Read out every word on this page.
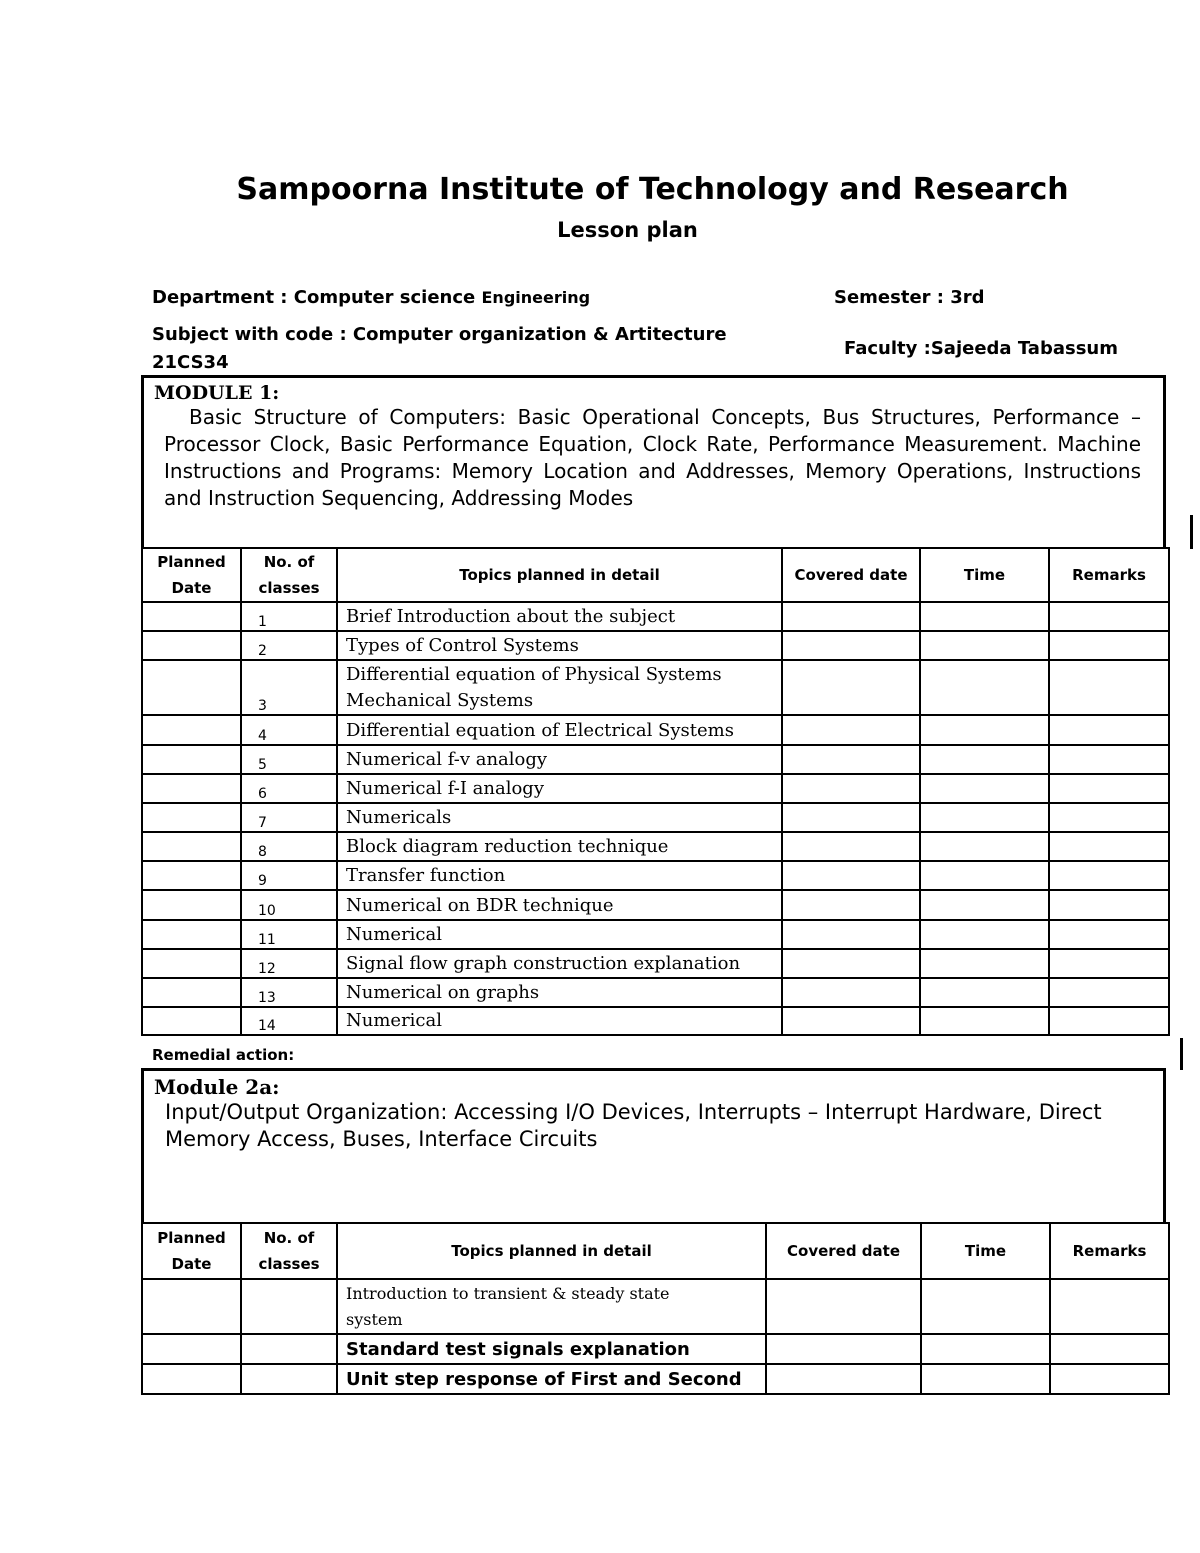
Sampoorna Institute of Technology and Research
Lesson plan
Department : Computer science Engineering	Semester : 3rd
Subject with code : Computer organization & Artitecture
21CS34
Faculty :Sajeeda Tabassum
MODULE 1:
Basic Structure of Computers: Basic Operational Concepts, Bus Structures, Performance – Processor Clock, Basic Performance Equation, Clock Rate, Performance Measurement. Machine Instructions and Programs: Memory Location and Addresses, Memory Operations, Instructions and Instruction Sequencing, Addressing Modes
Planned Date	No. of classes	Topics planned in detail	Covered date	Time	Remarks
	1	Brief Introduction about the subject			
	2	Types of Control Systems			
	3	Differential equation of Physical Systems Mechanical Systems			
	4	Differential equation of Electrical Systems			
	5	Numerical f-v analogy			
	6	Numerical f-I analogy			
	7	Numericals			
	8	Block diagram reduction technique			
	9	Transfer function			
	10	Numerical on BDR technique			
	11	Numerical			
	12	Signal flow graph construction explanation			
	13	Numerical on graphs			
	14	Numerical			
Remedial action:
Module 2a:
Input/Output Organization: Accessing I/O Devices, Interrupts – Interrupt Hardware, Direct Memory Access, Buses, Interface Circuits
Planned Date	No. of classes	Topics planned in detail	Covered date	Time	Remarks
		Introduction to transient & steady state system			
		Standard test signals explanation			
		Unit step response of First and Second			
